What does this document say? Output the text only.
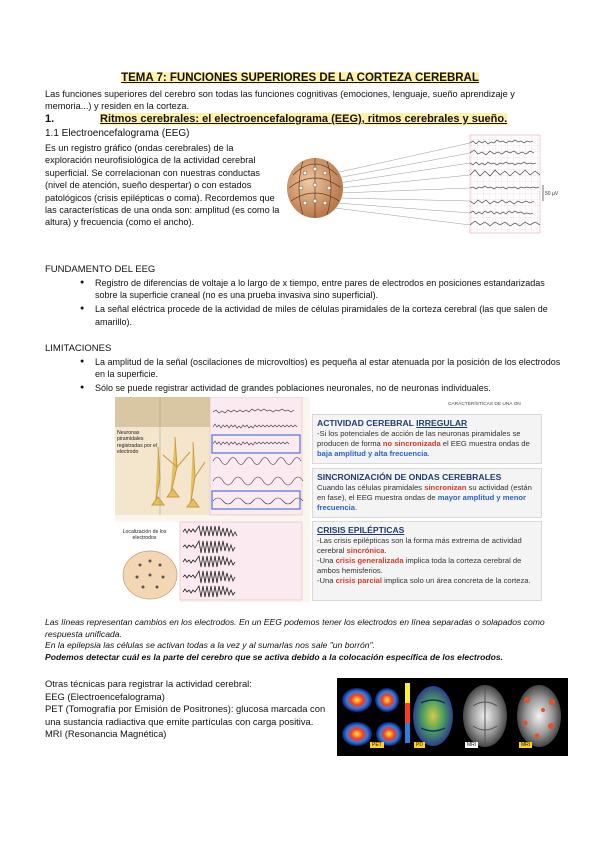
TEMA 7: FUNCIONES SUPERIORES DE LA CORTEZA CEREBRAL
Las funciones superiores del cerebro son todas las funciones cognitivas (emociones, lenguaje, sueño aprendizaje y memoria...) y residen en la corteza.
1.	Ritmos cerebrales: el electroencefalograma (EEG), ritmos cerebrales y sueño.
1.1 Electroencefalograma (EEG)
Es un registro gráfico (ondas cerebrales) de la exploración neurofisiológica de la actividad cerebral superficial. Se correlacionan con nuestras conductas (nivel de atención, sueño despertar) o con estados patológicos (crisis epilépticas o coma). Recordemos que las características de una onda son: amplitud (es como la altura) y frecuencia (como el ancho).
50 µV
FUNDAMENTO DEL EEG
● Registro de diferencias de voltaje a lo largo de x tiempo, entre pares de electrodos en posiciones estandarizadas sobre la superficie craneal (no es una prueba invasiva sino superficial).
● La señal eléctrica procede de la actividad de miles de células piramidales de la corteza cerebral (las que salen de amarillo).
LIMITACIONES
● La amplitud de la señal (oscilaciones de microvoltios) es pequeña al estar atenuada por la posición de los electrodos en la superficie.
● Sólo se puede registrar actividad de grandes poblaciones neuronales, no de neuronas individuales.
Neuronas piramidales registradas por el electrodo
Localización de los electrodos
CARACTERÍSTICAS DE UNA ON
ACTIVIDAD CEREBRAL IRREGULAR
-Si los potenciales de acción de las neuronas piramidales se producen de forma no sincronizada el EEG muestra ondas de baja amplitud y alta frecuencia.
SINCRONIZACIÓN DE ONDAS CEREBRALES
Cuando las células piramidales sincronizan su actividad (están en fase), el EEG muestra ondas de mayor amplitud y menor frecuencia.
CRISIS EPILÉPTICAS
-Las crisis epilépticas son la forma más extrema de actividad cerebral sincrónica.
-Una crisis generalizada implica toda la corteza cerebral de ambos hemisferios.
-Una crisis parcial implica solo un área concreta de la corteza.
Las líneas representan cambios en los electrodos. En un EEG podemos tener los electrodos en línea separadas o solapados como respuesta unificada.
En la epilepsia las células se activan todas a la vez y al sumarlas nos sale "un borrón".
Podemos detectar cuál es la parte del cerebro que se activa debido a la colocación específica de los electrodos.
Otras técnicas para registrar la actividad cerebral:
EEG (Electroencefalograma)
PET (Tomografía por Emisión de Positrones): glucosa marcada con una sustancia radiactiva que emite partículas con carga positiva.
MRI (Resonancia Magnética)
PET	PD	MRI	MRI
